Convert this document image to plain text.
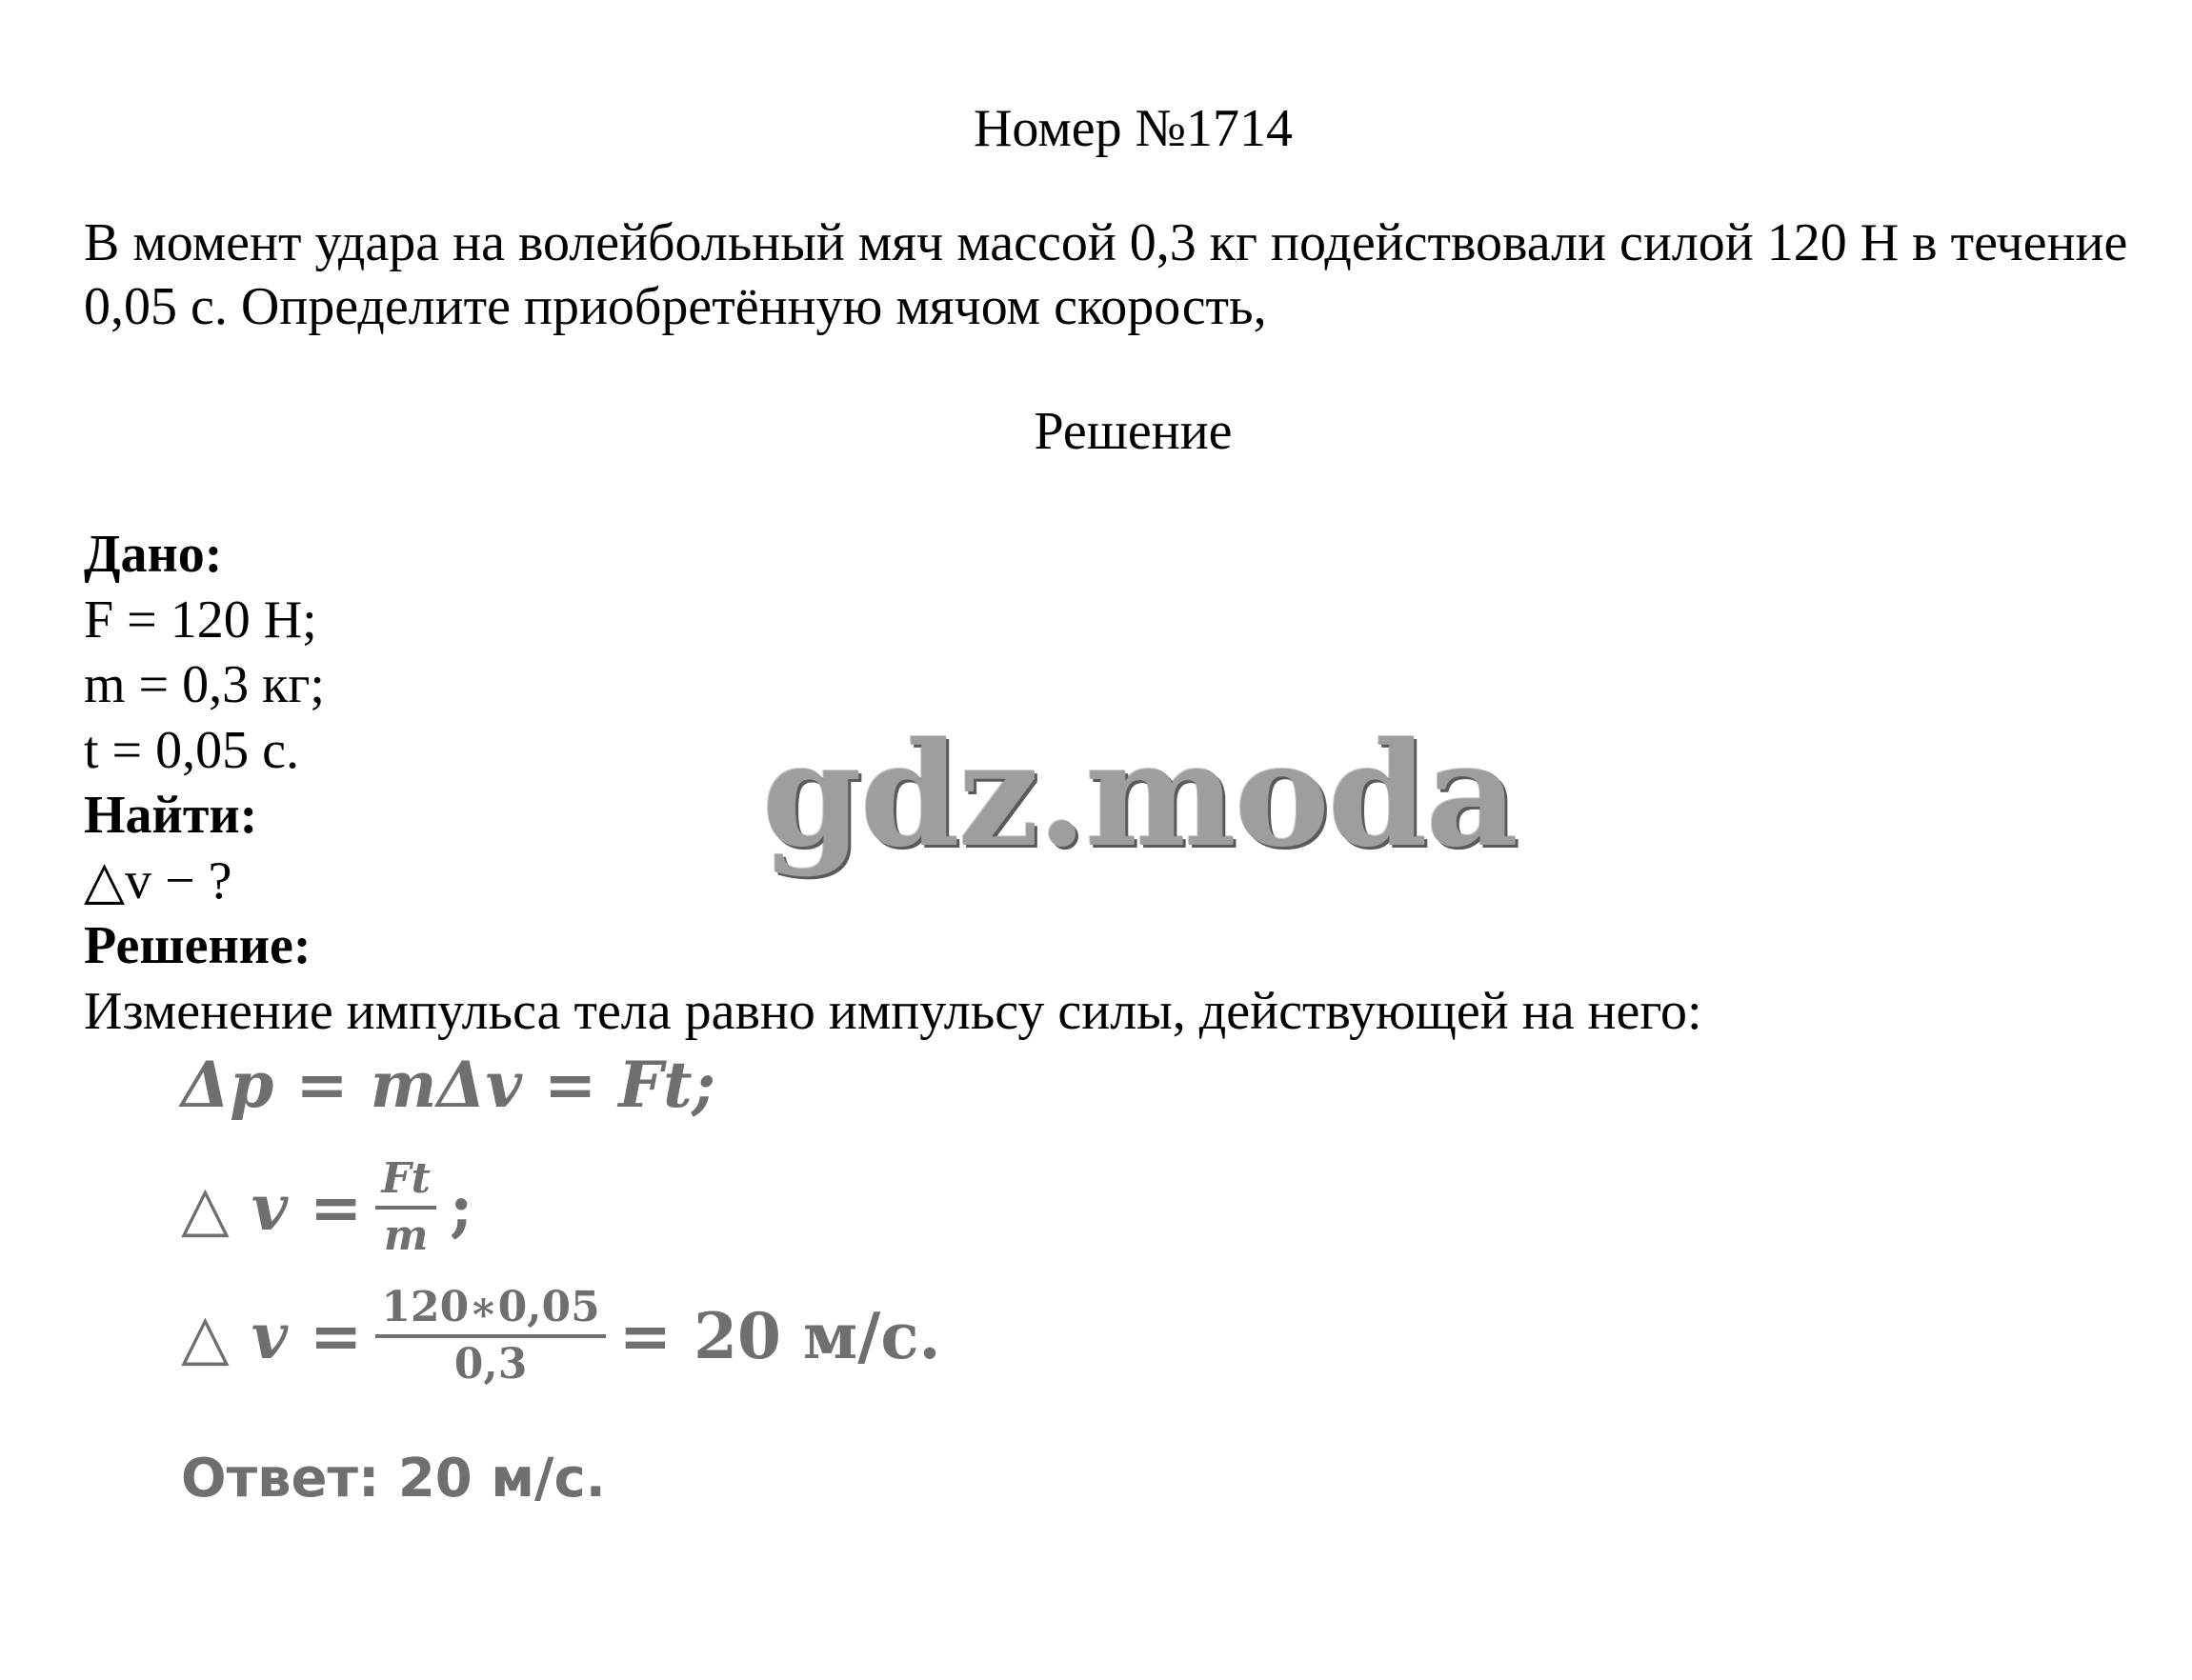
Номер №1714
В момент удара на волейбольный мяч массой 0,3 кг подействовали силой 120 Н в течение 0,05 с. Определите приобретённую мячом скорость,
Решение
Дано:
F = 120 Н;
m = 0,3 кг;
t = 0,05 с.
Найти:
△v − ?
Решение:
Изменение импульса тела равно импульсу силы, действующей на него:
gdz.moda
Δp = mΔv = Ft;
△ $v = \frac{Ft}{m}$ ;
△ $v = \frac{120∗0,05}{0,3} = 20$ м/с.
Ответ: 20 м/с.
